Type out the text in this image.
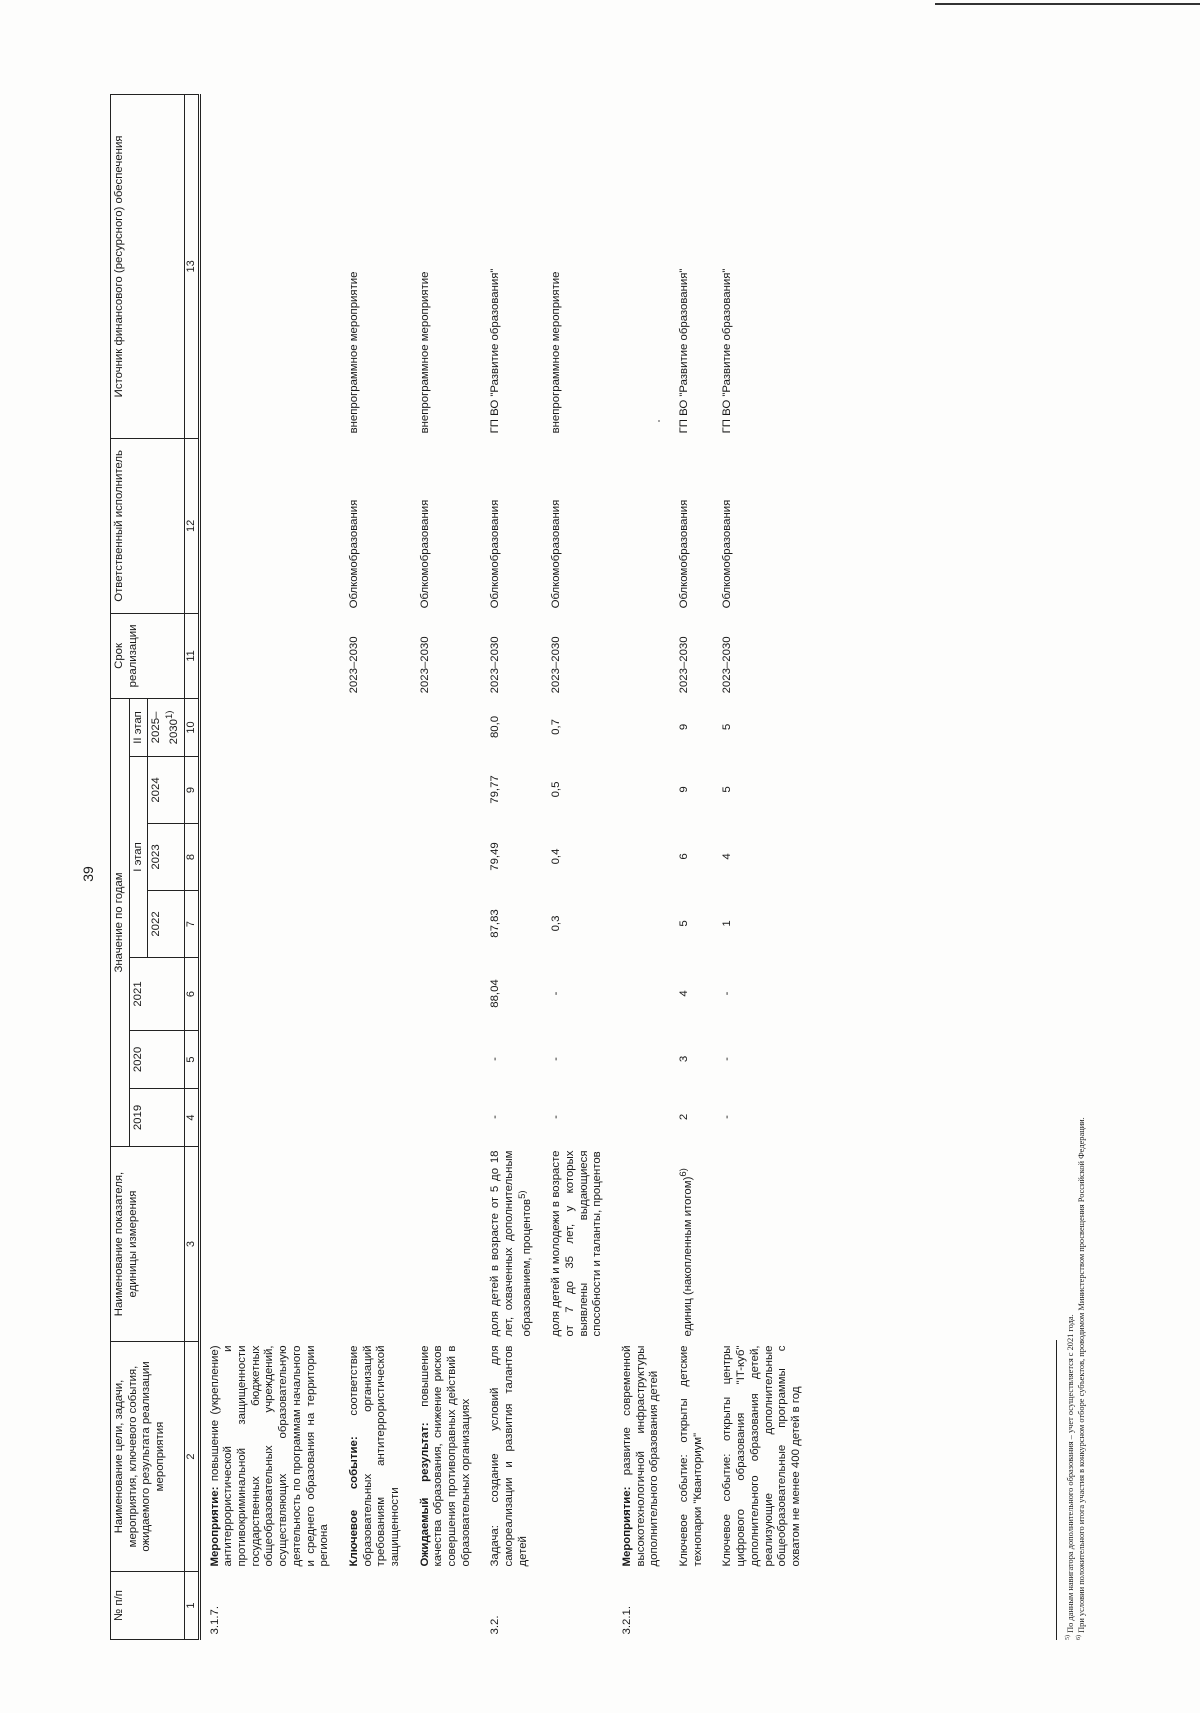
39
№ п/п	Наименование цели, задачи, мероприятия, ключевого события, ожидаемого результата реализации мероприятия	Наименование показателя, единицы измерения	Значение по годам							Срок реализации	Ответственный исполнитель	Источник финансового (ресурсного) обеспечения
			2019	2020	2021	I этап			II этап			
						2022	2023	2024	2025–2030$^{1)}$
1	2	3	4	5	6	7	8	9	10	11	12	13
3.1.7.	Мероприятие: повышение (укрепление) антитеррористической и противокриминальной защищенности государственных бюджетных общеобразовательных учреждений, осуществляющих образовательную деятельность по программам начального и среднего образования на территории региона											
	Ключевое событие: соответствие образовательных организаций требованиям антитеррористической защищенности									2023–2030	Облкомобразования	внепрограммное мероприятие
	Ожидаемый результат: повышение качества образования, снижение рисков совершения противоправных действий в образовательных организациях									2023–2030	Облкомобразования	внепрограммное мероприятие
3.2.	Задача: создание условий для самореализации и развития талантов детей	доля детей в возрасте от 5 до 18 лет, охваченных дополнительным образованием, процентов$^{5)}$	-	-	88,04	87,83	79,49	79,77	80,0	2023–2030	Облкомобразования	ГП ВО "Развитие образования"
		доля детей и молодежи в возрасте от 7 до 35 лет, у которых выявлены выдающиеся способности и таланты, процентов	-	-	-	0,3	0,4	0,5	0,7	2023–2030	Облкомобразования	внепрограммное мероприятие
3.2.1.	Мероприятие: развитие современной высокотехнологичной инфраструктуры дополнительного образования детей											
	Ключевое событие: открыты детские технопарки "Кванториум"	единиц (накопленным итогом)$^{6)}$	2	3	4	5	6	9	9	2023–2030	Облкомобразования	ГП ВО "Развитие образования"
	Ключевое событие: открыты центры цифрового образования "IT-куб" дополнительного образования детей, реализующие дополнительные общеобразовательные программы с охватом не менее 400 детей в год		-	-	-	1	4	5	5	2023–2030	Облкомобразования	ГП ВО "Развитие образования"
$^{5)}$ По данным навигатора дополнительного образования – учет осуществляется с 2021 года.
$^{6)}$ При условии положительного итога участия в конкурсном отборе субъектов, проводимом Министерством просвещения Российской Федерации.
